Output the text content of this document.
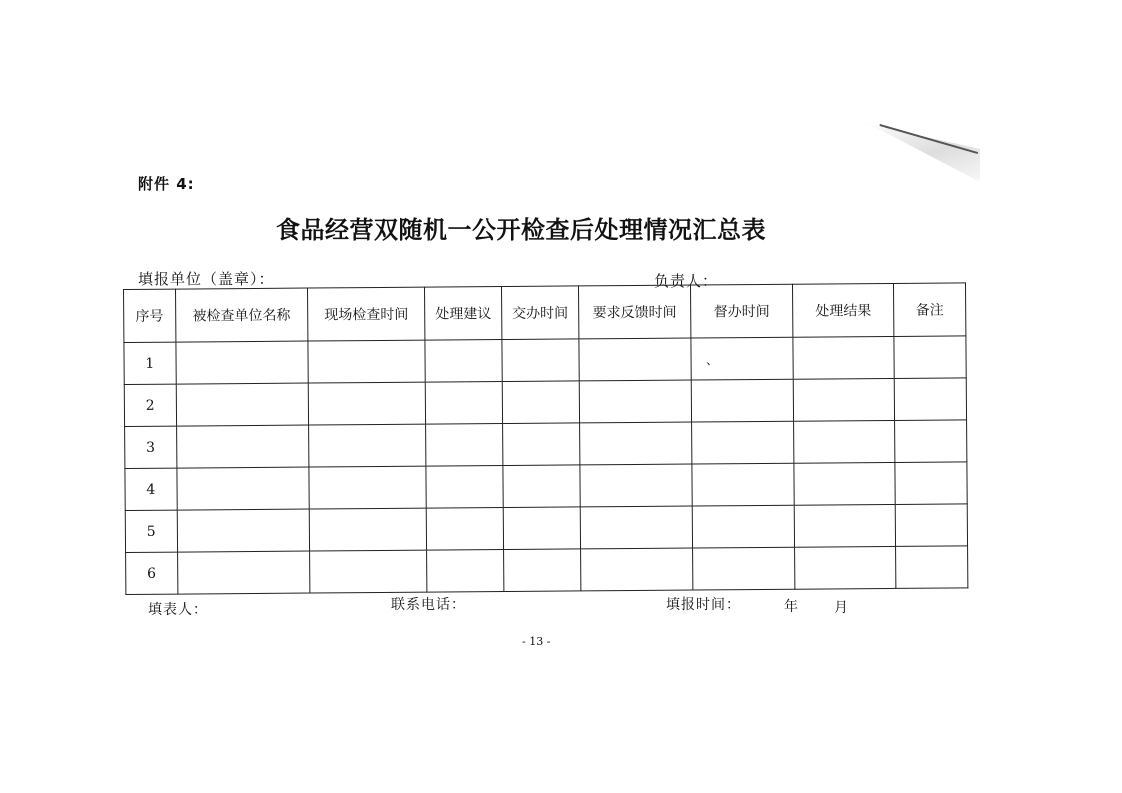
附件 4:
食品经营双随机一公开检查后处理情况汇总表
填报单位（盖章）：	负责人：
序号	被检查单位名称	现场检查时间	处理建议	交办时间	要求反馈时间	督办时间	处理结果	备注
1						、		
2								
3								
4								
5								
6								
填表人：	联系电话：	填报时间：	年	月
- 13 -
